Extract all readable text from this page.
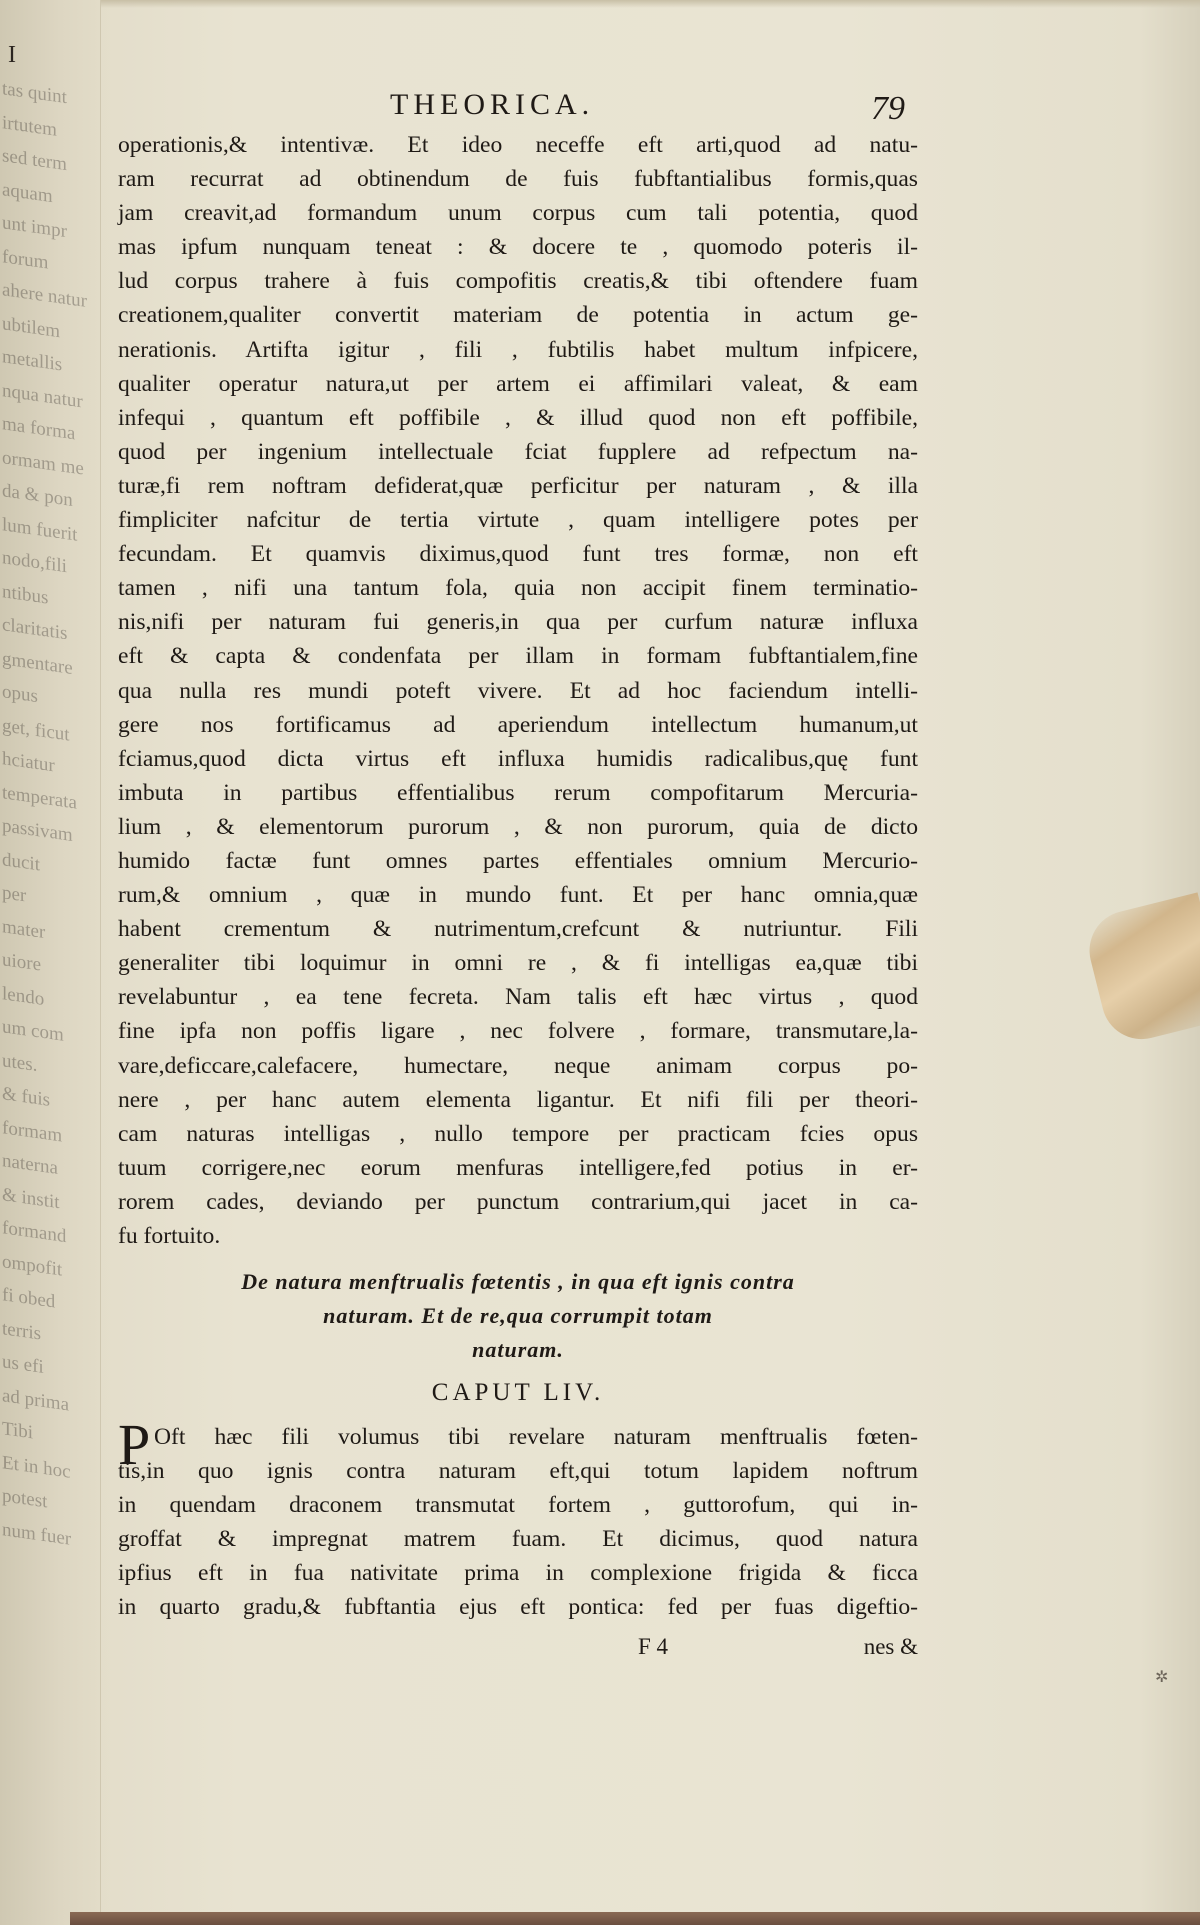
tas quint
irtutem
sed term
aquam
unt impr
forum
ahere natur
ubtilem
metallis
nqua natur
ma forma
ormam me
da & pon
lum fuerit
nodo,fili
ntibus
claritatis
gmentare
opus
get, ficut
hciatur
temperata
passivam
ducit
per
mater
uiore
lendo
um com
utes.
& fuis
formam
naterna
& instit
formand
ompofit
fi obed
terris
us efi
ad prima
Tibi
Et in hoc
potest
num fuer
I
THEORICA.	79
operationis,& intentivæ. Et ideo neceffe eft arti,quod ad natu-
ram recurrat ad obtinendum de fuis fubftantialibus formis,quas
jam creavit,ad formandum unum corpus cum tali potentia, quod
mas ipfum nunquam teneat : & docere te , quomodo poteris il-
lud corpus trahere à fuis compofitis creatis,& tibi oftendere fuam
creationem,qualiter convertit materiam de potentia in actum ge-
nerationis. Artifta igitur , fili , fubtilis habet multum infpicere,
qualiter operatur natura,ut per artem ei affimilari valeat, & eam
infequi , quantum eft poffibile , & illud quod non eft poffibile,
quod per ingenium intellectuale fciat fupplere ad refpectum na-
turæ,fi rem noftram defiderat,quæ perficitur per naturam , & illa
fimpliciter nafcitur de tertia virtute , quam intelligere potes per
fecundam. Et quamvis diximus,quod funt tres formæ, non eft
tamen , nifi una tantum fola, quia non accipit finem terminatio-
nis,nifi per naturam fui generis,in qua per curfum naturæ influxa
eft & capta & condenfata per illam in formam fubftantialem,fine
qua nulla res mundi poteft vivere. Et ad hoc faciendum intelli-
gere nos fortificamus ad aperiendum intellectum humanum,ut
fciamus,quod dicta virtus eft influxa humidis radicalibus,quę funt
imbuta in partibus effentialibus rerum compofitarum Mercuria-
lium , & elementorum purorum , & non purorum, quia de dicto
humido factæ funt omnes partes effentiales omnium Mercurio-
rum,& omnium , quæ in mundo funt. Et per hanc omnia,quæ
habent crementum & nutrimentum,crefcunt & nutriuntur. Fili
generaliter tibi loquimur in omni re , & fi intelligas ea,quæ tibi
revelabuntur , ea tene fecreta. Nam talis eft hæc virtus , quod
fine ipfa non poffis ligare , nec folvere , formare, transmutare,la-
vare,deficcare,calefacere, humectare, neque animam corpus po-
nere , per hanc autem elementa ligantur. Et nifi fili per theori-
cam naturas intelligas , nullo tempore per practicam fcies opus
tuum corrigere,nec eorum menfuras intelligere,fed potius in er-
rorem cades, deviando per punctum contrarium,qui jacet in ca-
fu fortuito.
De natura menftrualis fœtentis , in qua eft ignis contra
naturam. Et de re,qua corrumpit totam
naturam.
CAPUT LIV.
P Oft hæc fili volumus tibi revelare naturam menftrualis fœten-
tis,in quo ignis contra naturam eft,qui totum lapidem noftrum
in quendam draconem transmutat fortem , guttorofum, qui in-
groffat & impregnat matrem fuam. Et dicimus, quod natura
ipfius eft in fua nativitate prima in complexione frigida & ficca
in quarto gradu,& fubftantia ejus eft pontica: fed per fuas digeftio-
F 4	nes &
✲
